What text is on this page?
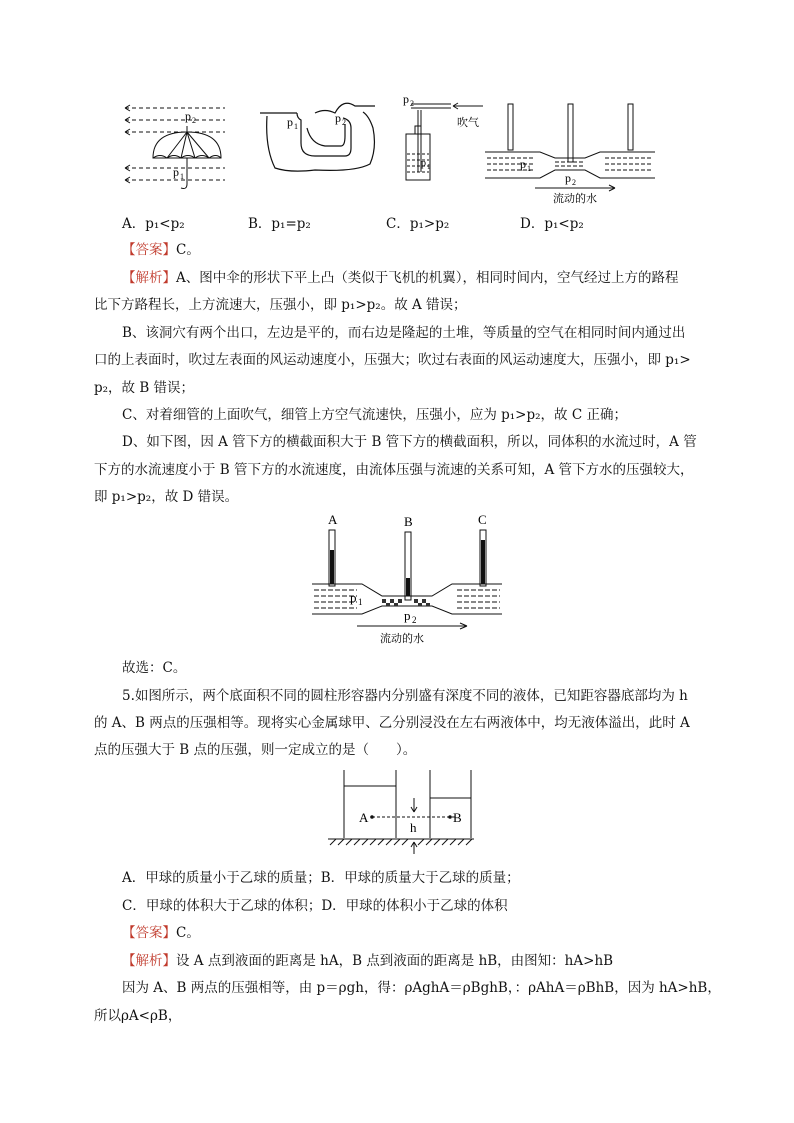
p 2
p 1
p 1
p 2
p 2
p 1
吹气
p 1
p 2
流动的水
A．p₁<p₂	B．p₁=p₂	C．p₁>p₂	D．p₁<p₂
【答案】C。
【解析】A、图中伞的形状下平上凸（类似于飞机的机翼），相同时间内，空气经过上方的路程
比下方路程长，上方流速大，压强小，即 p₁>p₂。故 A 错误；
B、该洞穴有两个出口，左边是平的，而右边是隆起的土堆，等质量的空气在相同时间内通过出
口的上表面时，吹过左表面的风运动速度小，压强大；吹过右表面的风运动速度大，压强小，即 p₁>
p₂，故 B 错误；
C、对着细管的上面吹气，细管上方空气流速快，压强小，应为 p₁>p₂，故 C 正确；
D、如下图，因 A 管下方的横截面积大于 B 管下方的横截面积，所以，同体积的水流过时，A 管
下方的水流速度小于 B 管下方的水流速度，由流体压强与流速的关系可知，A 管下方水的压强较大，
即 p₁>p₂，故 D 错误。
A	B	C
p 1
p 2
流动的水
故选：C。
5.如图所示，两个底面积不同的圆柱形容器内分别盛有深度不同的液体，已知距容器底部均为 h
的 A、B 两点的压强相等。现将实心金属球甲、乙分别浸没在左右两液体中，均无液体溢出，此时 A
点的压强大于 B 点的压强，则一定成立的是（　　）。
A	B
h
A．甲球的质量小于乙球的质量；B．甲球的质量大于乙球的质量；
C．甲球的体积大于乙球的体积；D．甲球的体积小于乙球的体积
【答案】C。
【解析】设 A 点到液面的距离是 hA，B 点到液面的距离是 hB，由图知：hA>hB
因为 A、B 两点的压强相等，由 p＝ρgh，得：ρAghA＝ρBghB，：ρAhA＝ρBhB，因为 hA>hB，
所以ρA<ρB，
